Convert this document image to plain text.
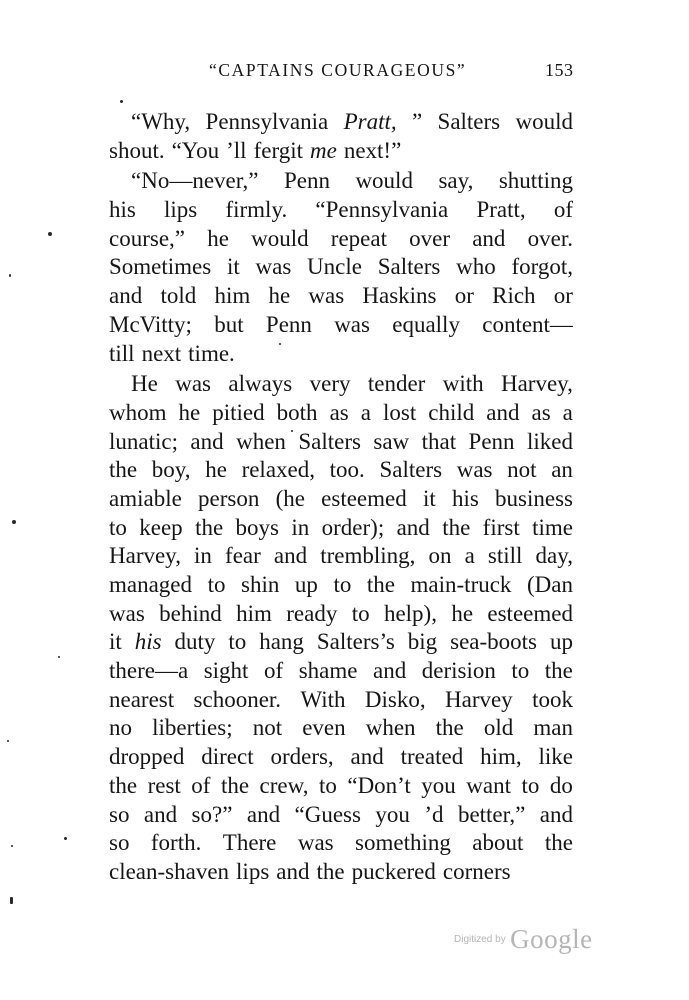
“CAPTAINS COURAGEOUS”	153
“Why, Pennsylvania Pratt, ” Salters would
shout. “You ’ll fergit me next!”
“No—never,” Penn would say, shutting
his lips firmly. “Pennsylvania Pratt, of
course,” he would repeat over and over.
Sometimes it was Uncle Salters who forgot,
and told him he was Haskins or Rich or
McVitty; but Penn was equally content—
till next time.
He was always very tender with Harvey,
whom he pitied both as a lost child and as a
lunatic; and when Salters saw that Penn liked
the boy, he relaxed, too. Salters was not an
amiable person (he esteemed it his business
to keep the boys in order); and the first time
Harvey, in fear and trembling, on a still day,
managed to shin up to the main-truck (Dan
was behind him ready to help), he esteemed
it his duty to hang Salters’s big sea-boots up
there—a sight of shame and derision to the
nearest schooner. With Disko, Harvey took
no liberties; not even when the old man
dropped direct orders, and treated him, like
the rest of the crew, to “Don’t you want to do
so and so?” and “Guess you ’d better,” and
so forth. There was something about the
clean-shaven lips and the puckered corners
Digitized by Google
